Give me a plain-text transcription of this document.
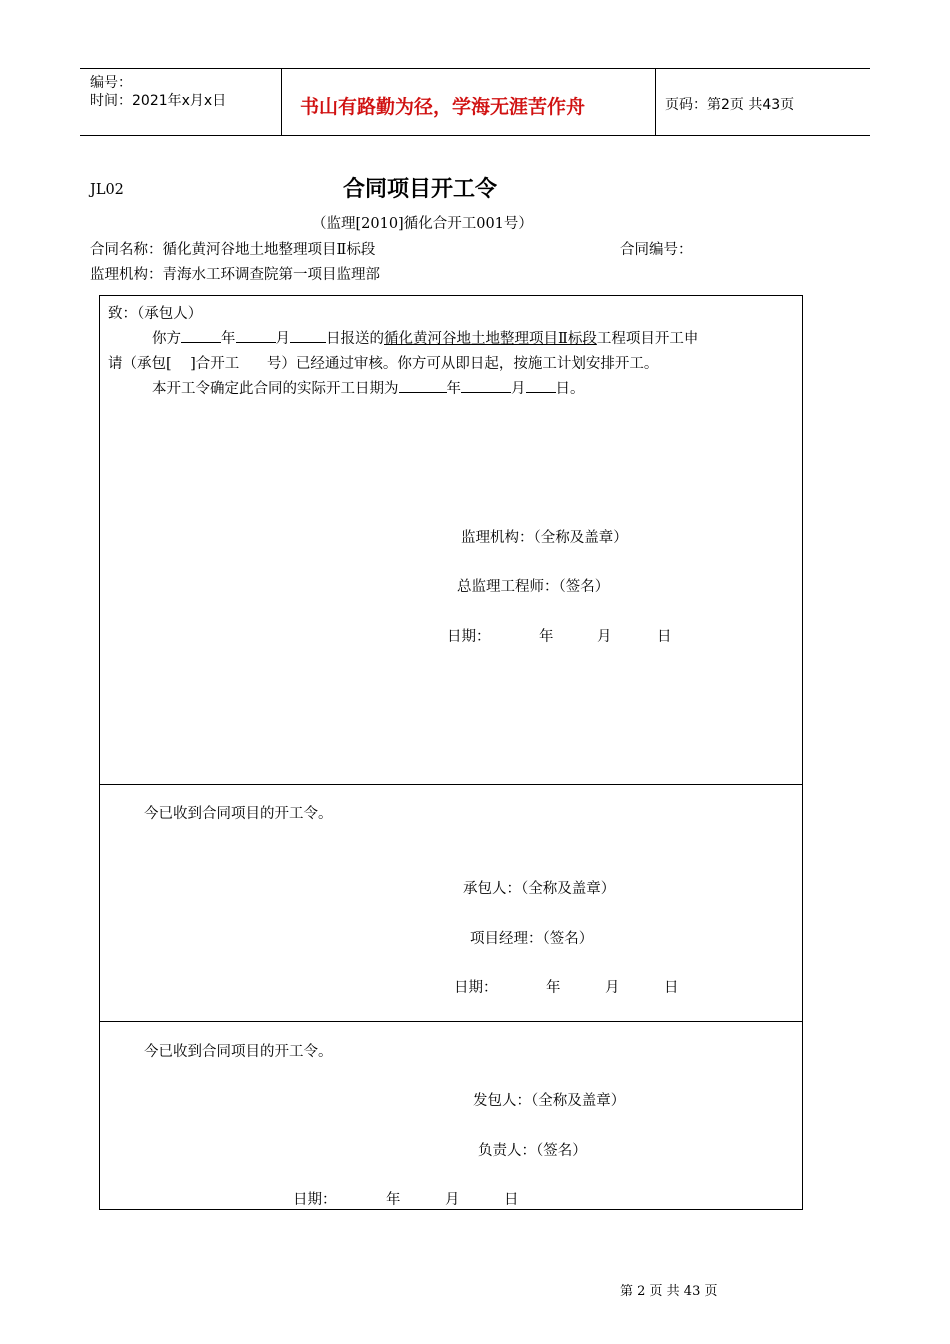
编号：
时间：2021年x月x日	书山有路勤为径，学海无涯苦作舟	页码：第2页 共43页
JL02	合同项目开工令
（监理[2010]循化合开工001号）
合同名称：循化黄河谷地土地整理项目Ⅱ标段	合同编号：
监理机构：青海水工环调查院第一项目监理部
致：（承包人）
你方	年	月 日报送的循化黄河谷地土地整理项目Ⅱ标段工程项目开工申
请（承包[    ]合开工      号）已经通过审核。你方可从即日起，按施工计划安排开工。
本开工令确定此合同的实际开工日期为	年	月 日。
监理机构：（全称及盖章）
总监理工程师：（签名）
日期：	年	月	日
今已收到合同项目的开工令。
承包人：（全称及盖章）
项目经理：（签名）
日期：	年	月	日
今已收到合同项目的开工令。
发包人：（全称及盖章）
负责人：（签名）
日期：	年	月	日
第 2 页 共 43 页
